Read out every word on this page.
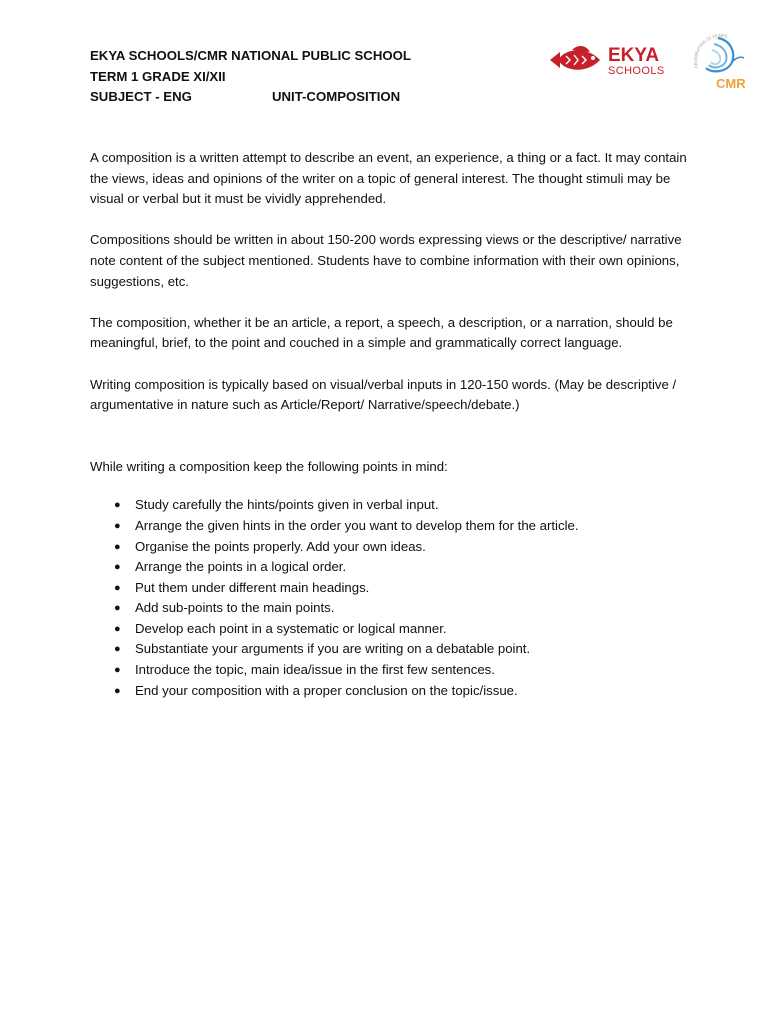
EKYA SCHOOLS/CMR NATIONAL PUBLIC SCHOOL
TERM 1 GRADE XI/XII
SUBJECT - ENG	UNIT-COMPOSITION
EKYA
SCHOOLS	CELEBRATING 25 YEARS
CMR

A composition is a written attempt to describe an event, an experience, a thing or a fact. It may contain the views, ideas and opinions of the writer on a topic of general interest. The thought stimuli may be visual or verbal but it must be vividly apprehended.

Compositions should be written in about 150-200 words expressing views or the descriptive/ narrative note content of the subject mentioned. Students have to combine information with their own opinions, suggestions, etc.

The composition, whether it be an article, a report, a speech, a description, or a narration, should be meaningful, brief, to the point and couched in a simple and grammatically correct language.

Writing composition is typically based on visual/verbal inputs in 120-150 words. (May be descriptive / argumentative in nature such as Article/Report/ Narrative/speech/debate.)

While writing a composition keep the following points in mind:

● Study carefully the hints/points given in verbal input.
● Arrange the given hints in the order you want to develop them for the article.
● Organise the points properly. Add your own ideas.
● Arrange the points in a logical order.
● Put them under different main headings.
● Add sub-points to the main points.
● Develop each point in a systematic or logical manner.
● Substantiate your arguments if you are writing on a debatable point.
● Introduce the topic, main idea/issue in the first few sentences.
● End your composition with a proper conclusion on the topic/issue.
